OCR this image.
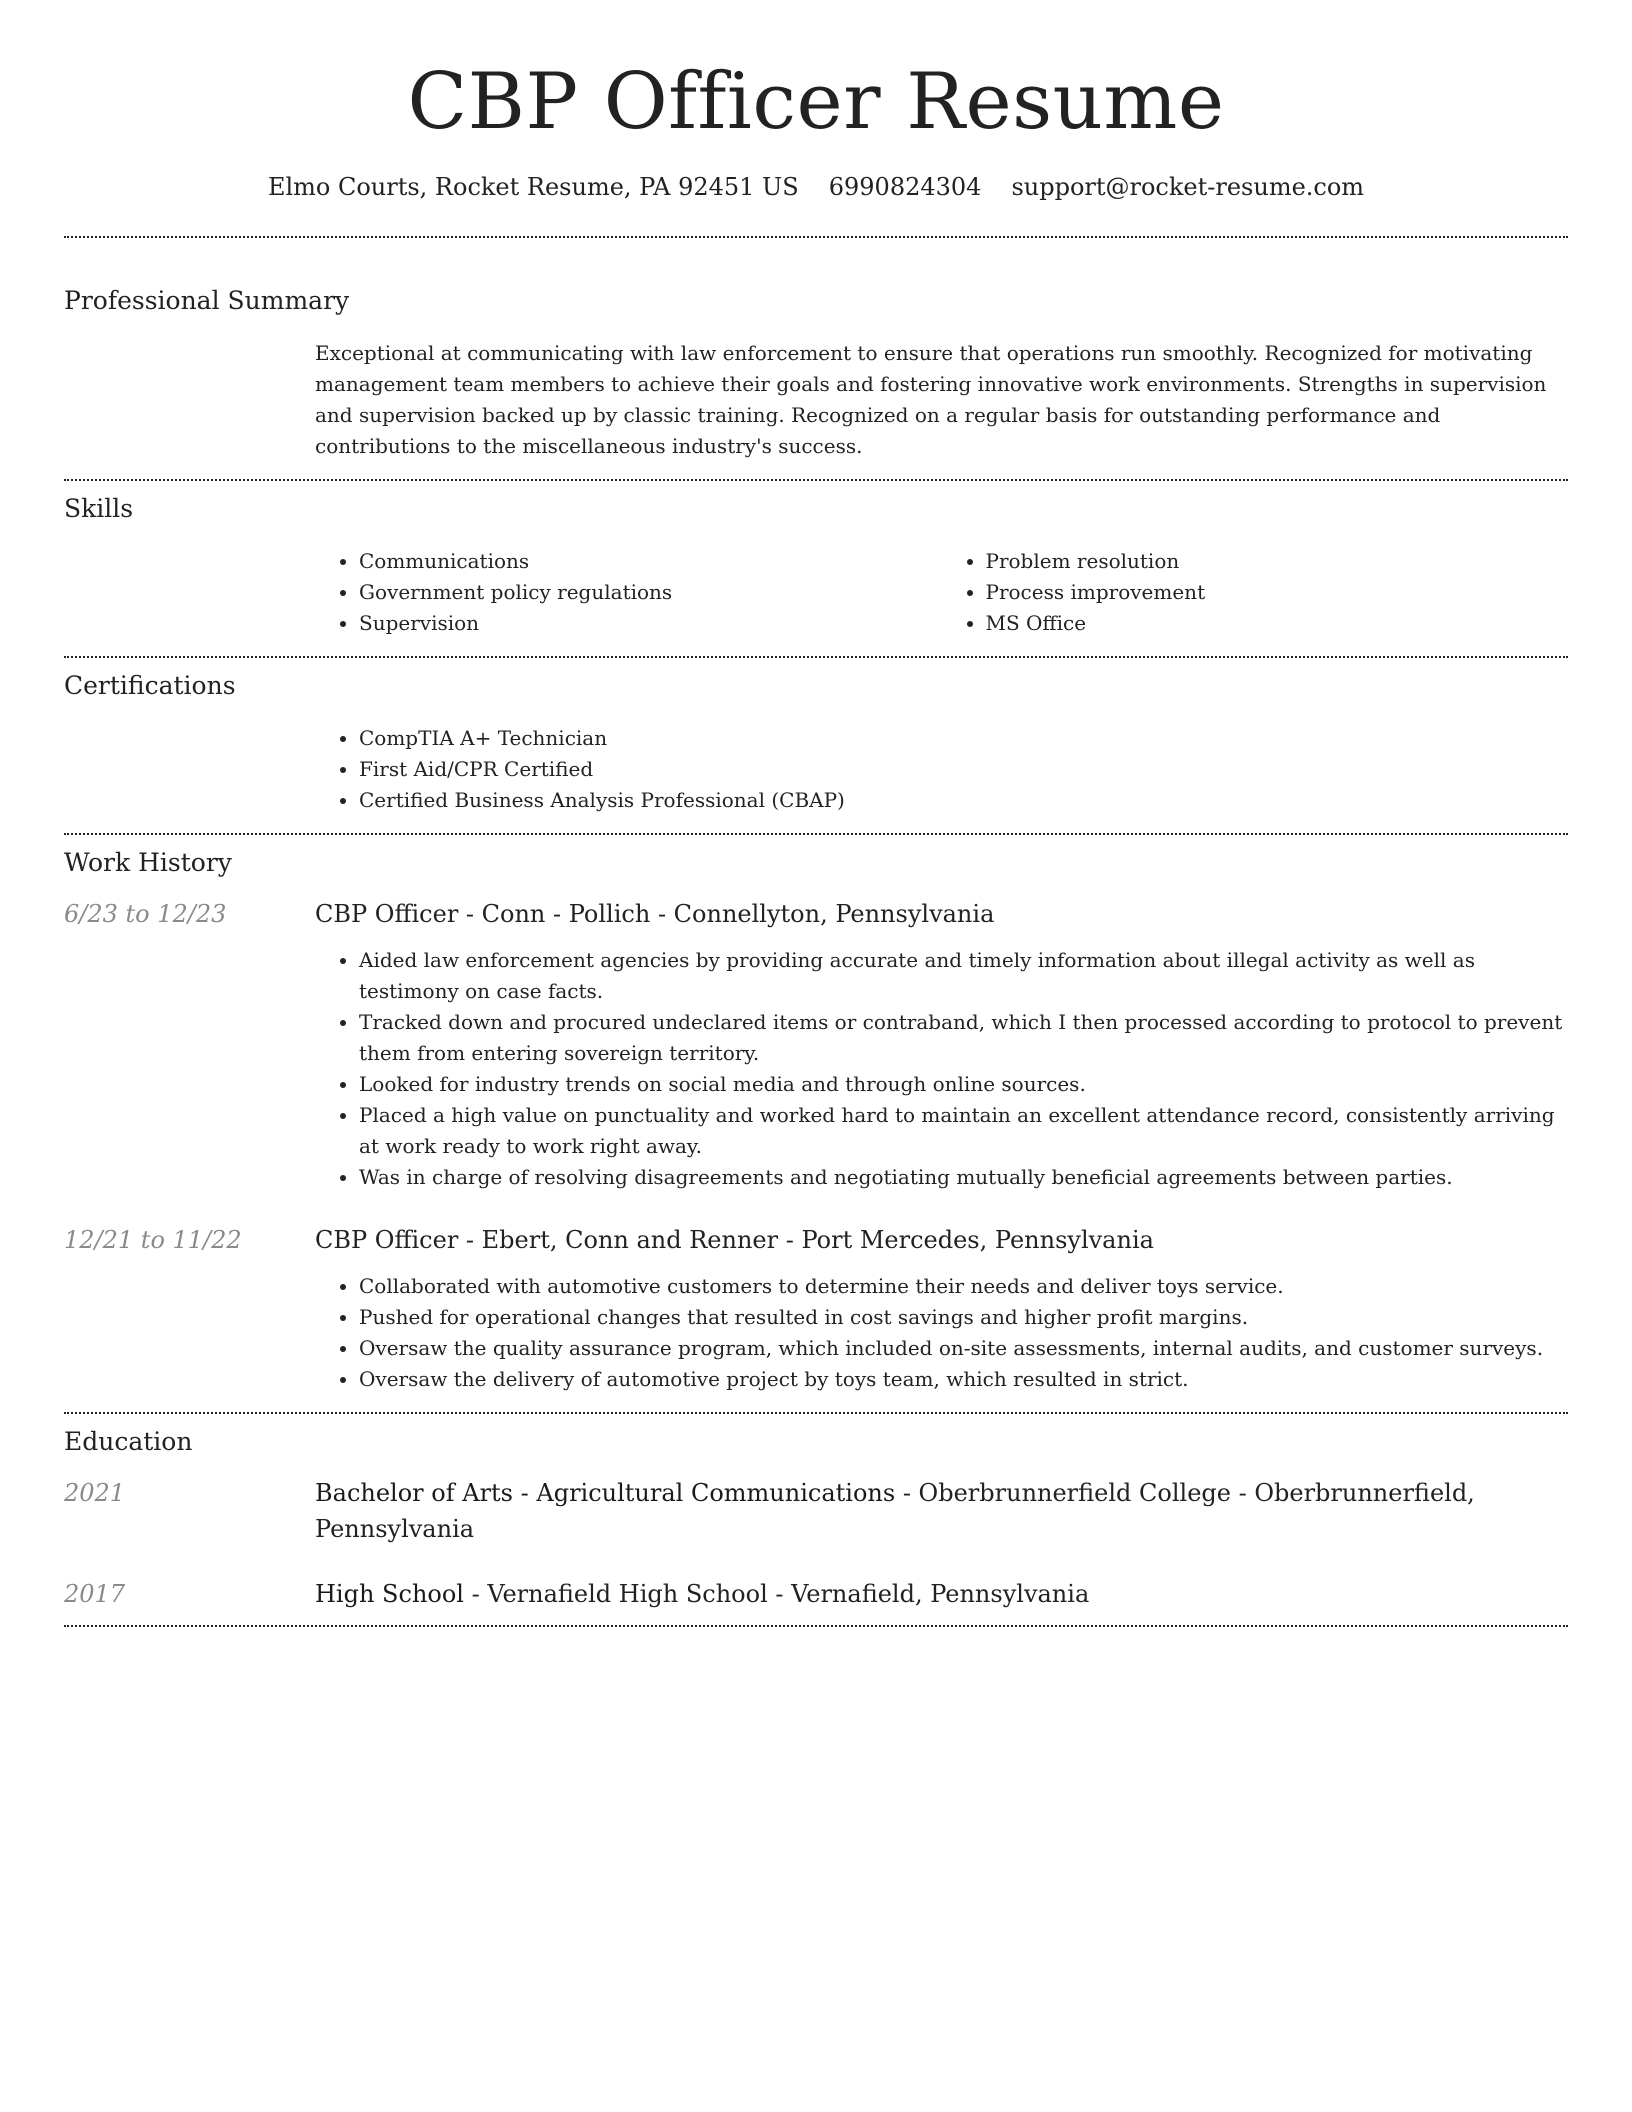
CBP Officer Resume
Elmo Courts, Rocket Resume, PA 92451 US 6990824304 support@rocket-resume.com
Professional Summary

Exceptional at communicating with law enforcement to ensure that operations run smoothly. Recognized for motivating management team members to achieve their goals and fostering innovative work environments. Strengths in supervision and supervision backed up by classic training. Recognized on a regular basis for outstanding performance and contributions to the miscellaneous industry's success.

Skills
• Communications
• Government policy regulations
• Supervision
• Problem resolution
• Process improvement
• MS Office
Certifications
• CompTIA A+ Technician
• First Aid/CPR Certified
• Certified Business Analysis Professional (CBAP)
Work History
6/23 to 12/23	CBP Officer - Conn - Pollich - Connellyton, Pennsylvania
• Aided law enforcement agencies by providing accurate and timely information about illegal activity as well as testimony on case facts.
• Tracked down and procured undeclared items or contraband, which I then processed according to protocol to prevent them from entering sovereign territory.
• Looked for industry trends on social media and through online sources.
• Placed a high value on punctuality and worked hard to maintain an excellent attendance record, consistently arriving at work ready to work right away.
• Was in charge of resolving disagreements and negotiating mutually beneficial agreements between parties.
12/21 to 11/22	CBP Officer - Ebert, Conn and Renner - Port Mercedes, Pennsylvania
• Collaborated with automotive customers to determine their needs and deliver toys service.
• Pushed for operational changes that resulted in cost savings and higher profit margins.
• Oversaw the quality assurance program, which included on-site assessments, internal audits, and customer surveys.
• Oversaw the delivery of automotive project by toys team, which resulted in strict.
Education
2021	Bachelor of Arts - Agricultural Communications - Oberbrunnerfield College - Oberbrunnerfield, Pennsylvania
2017	High School - Vernafield High School - Vernafield, Pennsylvania
